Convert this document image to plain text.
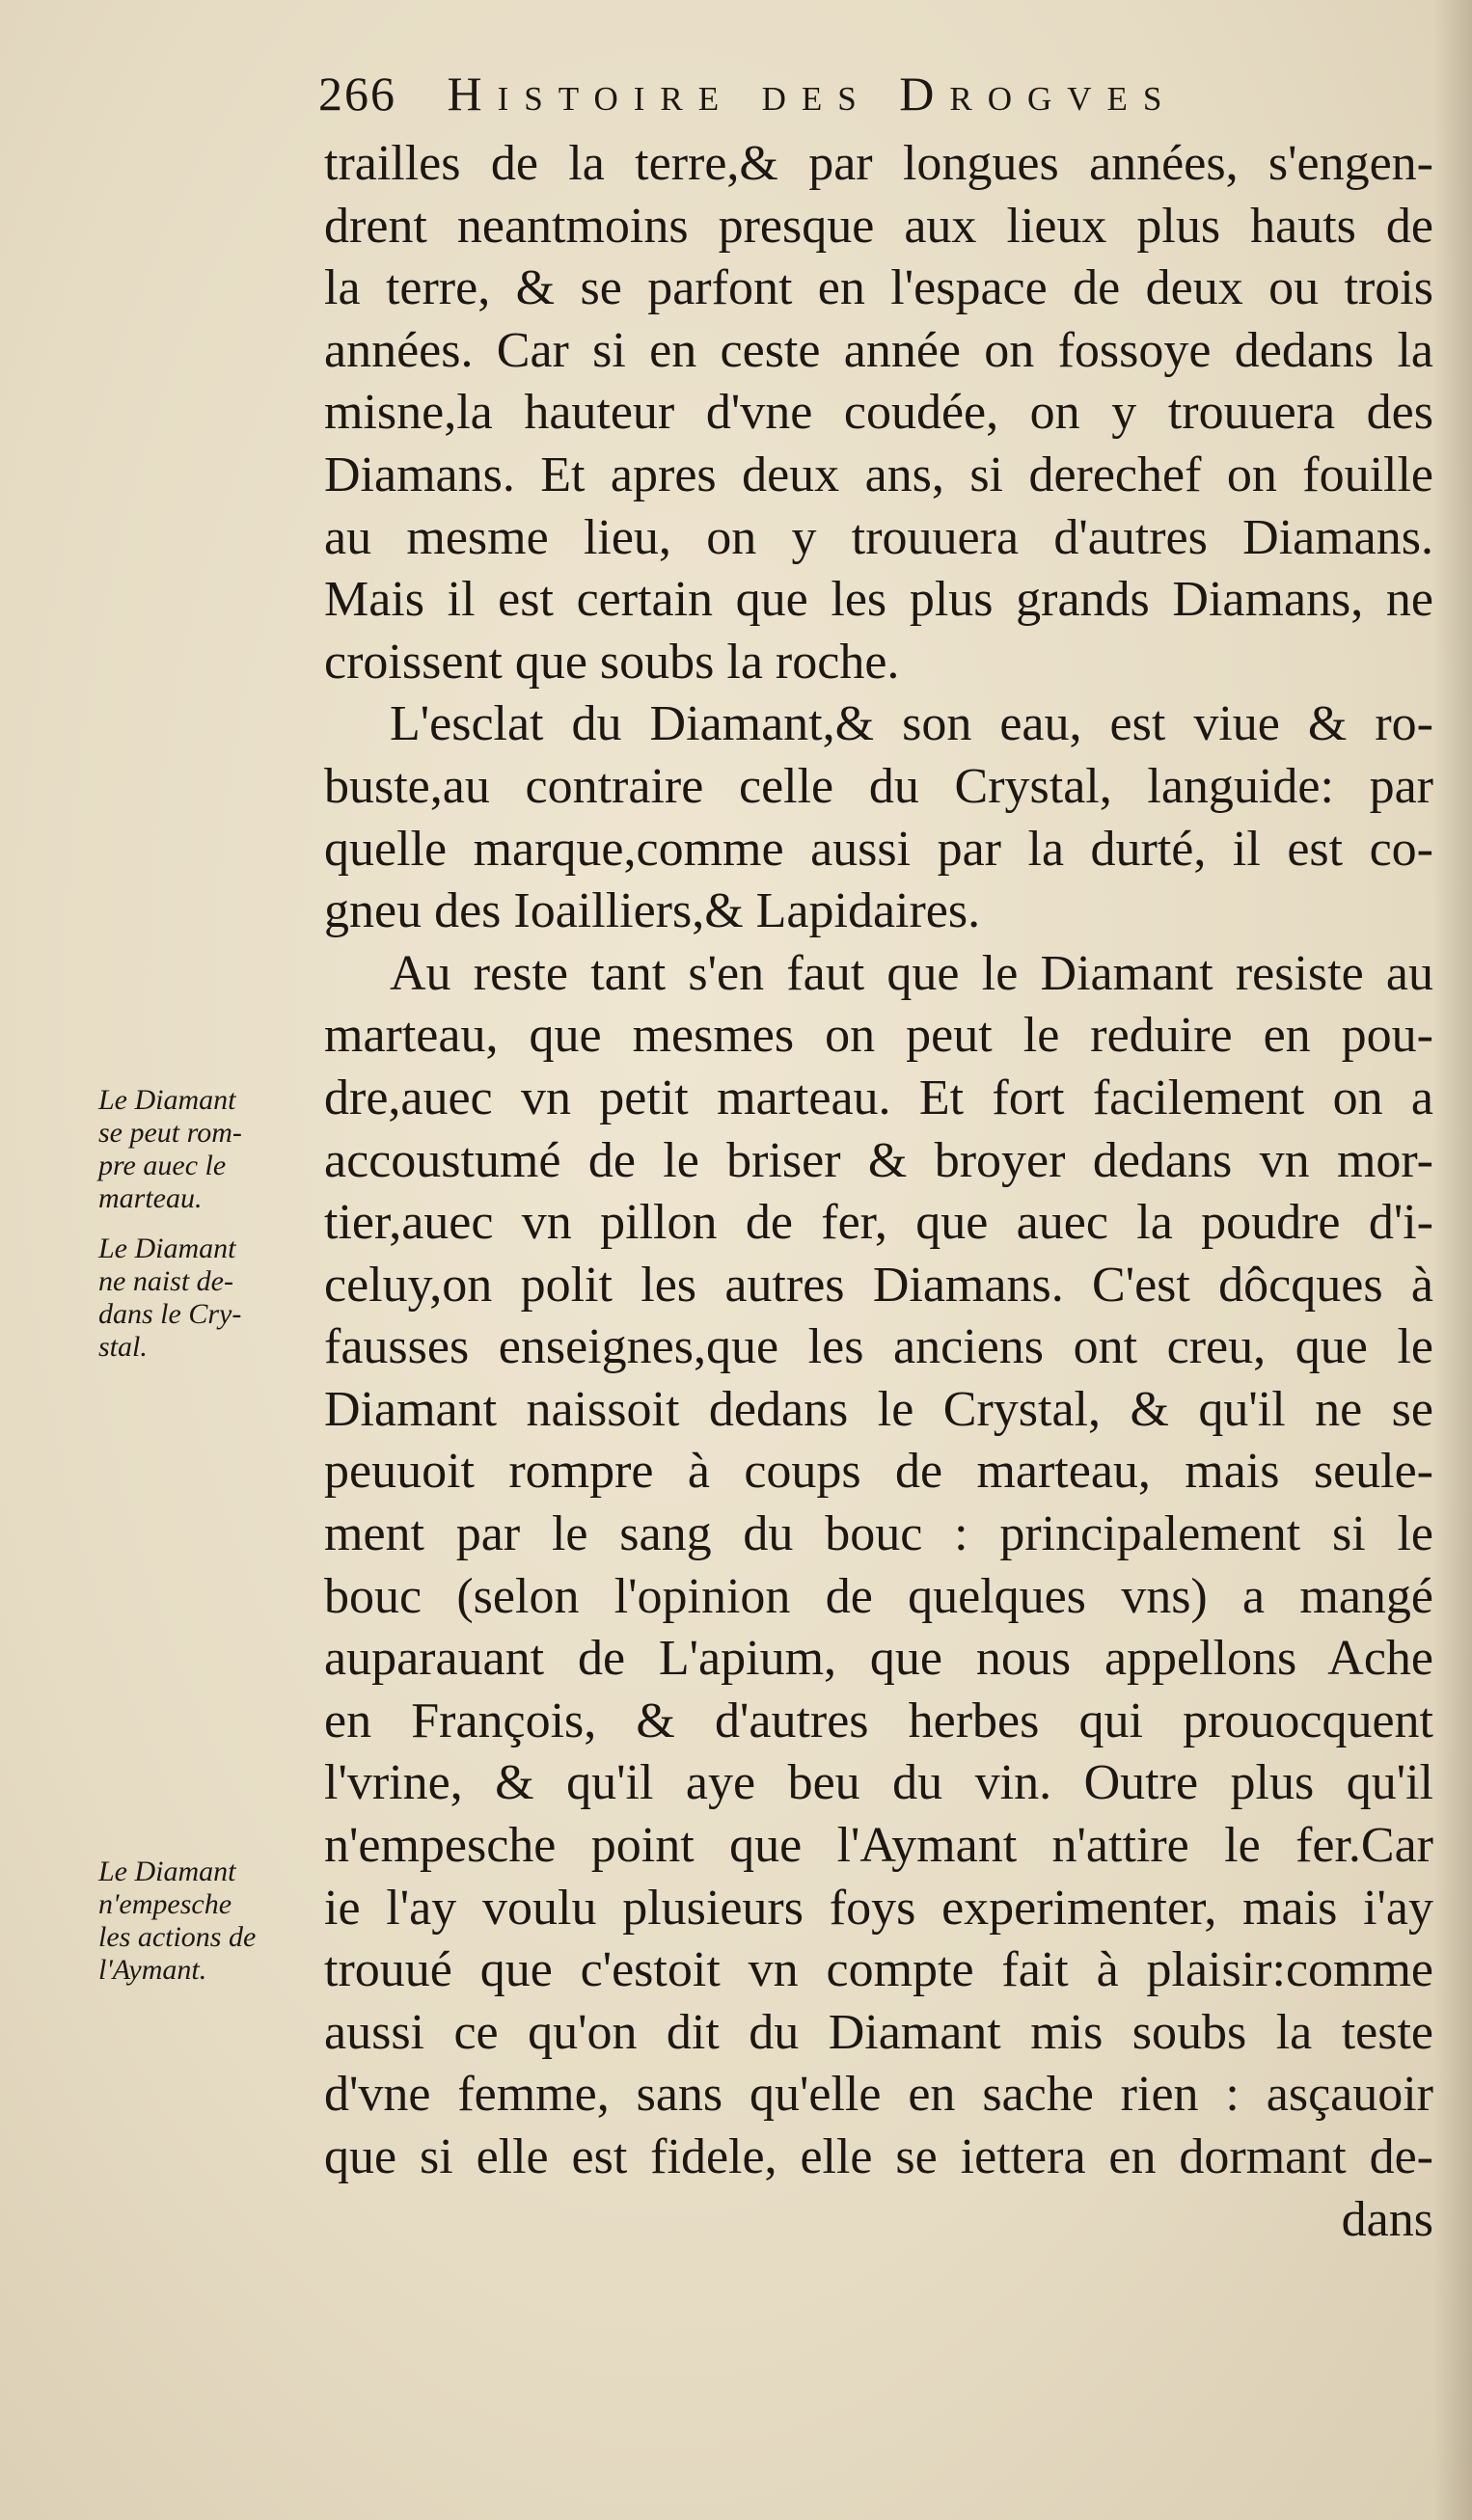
266 Histoire des Drogves
trailles de la terre,& par longues années, s'engen-
drent neantmoins presque aux lieux plus hauts de
la terre, & se parfont en l'espace de deux ou trois
années. Car si en ceste année on fossoye dedans la
misne,la hauteur d'vne coudée, on y trouuera des
Diamans. Et apres deux ans, si derechef on fouille
au mesme lieu, on y trouuera d'autres Diamans.
Mais il est certain que les plus grands Diamans, ne
croissent que soubs la roche.
L'esclat du Diamant,& son eau, est viue & ro-
buste,au contraire celle du Crystal, languide: par
quelle marque,comme aussi par la durté, il est co-
gneu des Ioailliers,& Lapidaires.
Au reste tant s'en faut que le Diamant resiste au
marteau, que mesmes on peut le reduire en pou-
dre,auec vn petit marteau. Et fort facilement on a
accoustumé de le briser & broyer dedans vn mor-
tier,auec vn pillon de fer, que auec la poudre d'i-
celuy,on polit les autres Diamans. C'est dôcques à
fausses enseignes,que les anciens ont creu, que le
Diamant naissoit dedans le Crystal, & qu'il ne se
peuuoit rompre à coups de marteau, mais seule-
ment par le sang du bouc : principalement si le
bouc (selon l'opinion de quelques vns) a mangé
auparauant de L'apium, que nous appellons Ache
en François, & d'autres herbes qui prouocquent
l'vrine, & qu'il aye beu du vin. Outre plus qu'il
n'empesche point que l'Aymant n'attire le fer.Car
ie l'ay voulu plusieurs foys experimenter, mais i'ay
trouué que c'estoit vn compte fait à plaisir:comme
aussi ce qu'on dit du Diamant mis soubs la teste
d'vne femme, sans qu'elle en sache rien : asçauoir
que si elle est fidele, elle se iettera en dormant de-
dans
Le Diamant
se peut rom-
pre auec le
marteau.
Le Diamant
ne naist de-
dans le Cry-
stal.
Le Diamant
n'empesche
les actions de
l'Aymant.
